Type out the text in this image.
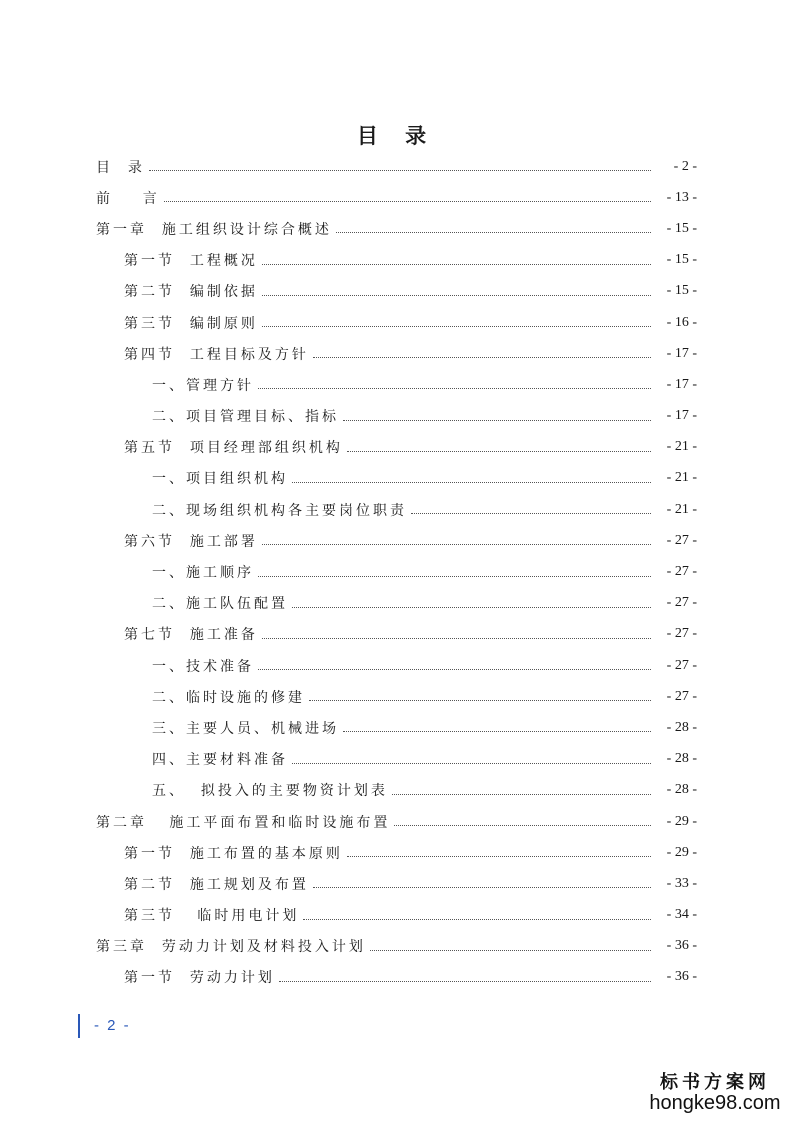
目 录
目  录	- 2 -
前    言	- 13 -
第一章  施工组织设计综合概述	- 15 -
第一节  工程概况	- 15 -
第二节  编制依据	- 15 -
第三节  编制原则	- 16 -
第四节  工程目标及方针	- 17 -
一、管理方针	- 17 -
二、项目管理目标、指标	- 17 -
第五节  项目经理部组织机构	- 21 -
一、项目组织机构	- 21 -
二、现场组织机构各主要岗位职责	- 21 -
第六节  施工部署	- 27 -
一、施工顺序	- 27 -
二、施工队伍配置	- 27 -
第七节  施工准备	- 27 -
一、技术准备	- 27 -
二、临时设施的修建	- 27 -
三、主要人员、机械进场	- 28 -
四、主要材料准备	- 28 -
五、  拟投入的主要物资计划表	- 28 -
第二章   施工平面布置和临时设施布置	- 29 -
第一节  施工布置的基本原则	- 29 -
第二节  施工规划及布置	- 33 -
第三节   临时用电计划	- 34 -
第三章  劳动力计划及材料投入计划	- 36 -
第一节  劳动力计划	- 36 -
- 2 -
标书方案网
hongke98.com
